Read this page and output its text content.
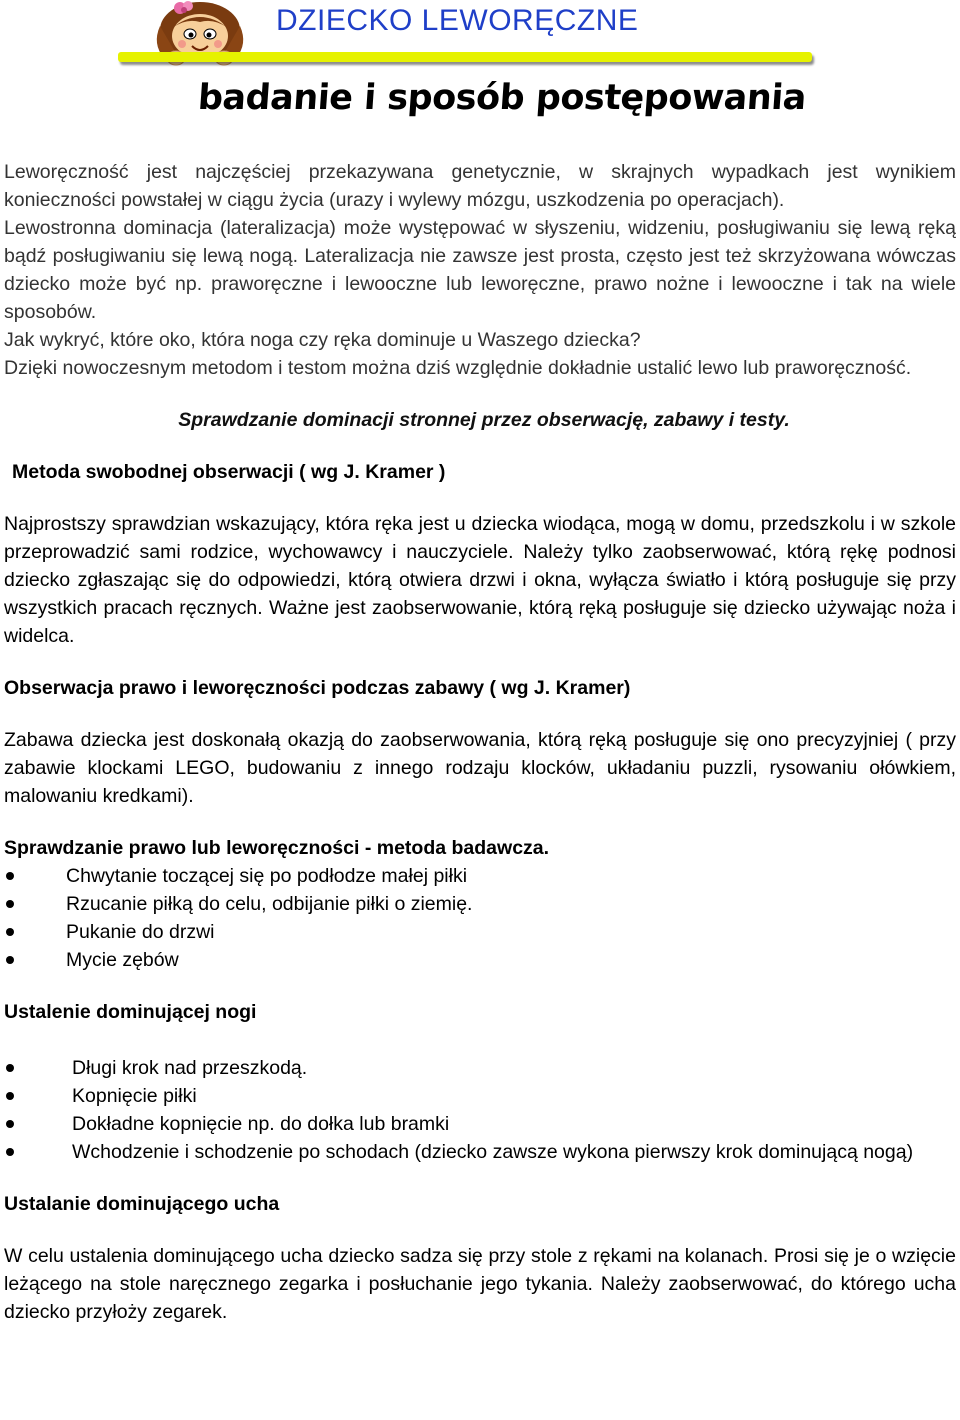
DZIECKO LEWORĘCZNE
badanie i sposób postępowania

Leworęczność jest najczęściej przekazywana genetycznie, w skrajnych wypadkach jest wynikiem konieczności powstałej w ciągu życia (urazy i wylewy mózgu, uszkodzenia po operacjach).

Lewostronna dominacja (lateralizacja) może występować w słyszeniu, widzeniu, posługiwaniu się lewą ręką bądź posługiwaniu się lewą nogą. Lateralizacja nie zawsze jest prosta, często jest też skrzyżowana wówczas dziecko może być np. praworęczne i lewooczne lub leworęczne, prawo nożne i lewooczne i tak na wiele sposobów.

Jak wykryć, które oko, która noga czy ręka dominuje u Waszego dziecka?

Dzięki nowoczesnym metodom i testom można dziś względnie dokładnie ustalić lewo lub praworęczność.

Sprawdzanie dominacji stronnej przez obserwację, zabawy i testy.

Metoda swobodnej obserwacji ( wg J. Kramer )

Najprostszy sprawdzian wskazujący, która ręka jest u dziecka wiodąca, mogą w domu, przedszkolu i w szkole przeprowadzić sami rodzice, wychowawcy i nauczyciele. Należy tylko zaobserwować, którą rękę podnosi dziecko zgłaszając się do odpowiedzi, którą otwiera drzwi i okna, wyłącza światło i którą posługuje się przy wszystkich pracach ręcznych. Ważne jest zaobserwowanie, którą ręką posługuje się dziecko używając noża i widelca.

Obserwacja prawo i leworęczności podczas zabawy ( wg J. Kramer)

Zabawa dziecka jest doskonałą okazją do zaobserwowania, którą ręką posługuje się ono precyzyjniej ( przy zabawie klockami LEGO, budowaniu z innego rodzaju klocków, układaniu puzzli, rysowaniu ołówkiem, malowaniu kredkami).

Sprawdzanie prawo lub leworęczności - metoda badawcza.

Chwytanie toczącej się po podłodze małej piłki
Rzucanie piłką do celu, odbijanie piłki o ziemię.
Pukanie do drzwi
Mycie zębów

Ustalenie dominującej nogi

Długi krok nad przeszkodą.
Kopnięcie piłki
Dokładne kopnięcie np. do dołka lub bramki
Wchodzenie i schodzenie po schodach (dziecko zawsze wykona pierwszy krok dominującą nogą)

Ustalanie dominującego ucha

W celu ustalenia dominującego ucha dziecko sadza się przy stole z rękami na kolanach. Prosi się je o wzięcie leżącego na stole naręcznego zegarka i posłuchanie jego tykania. Należy zaobserwować, do którego ucha dziecko przyłoży zegarek.
